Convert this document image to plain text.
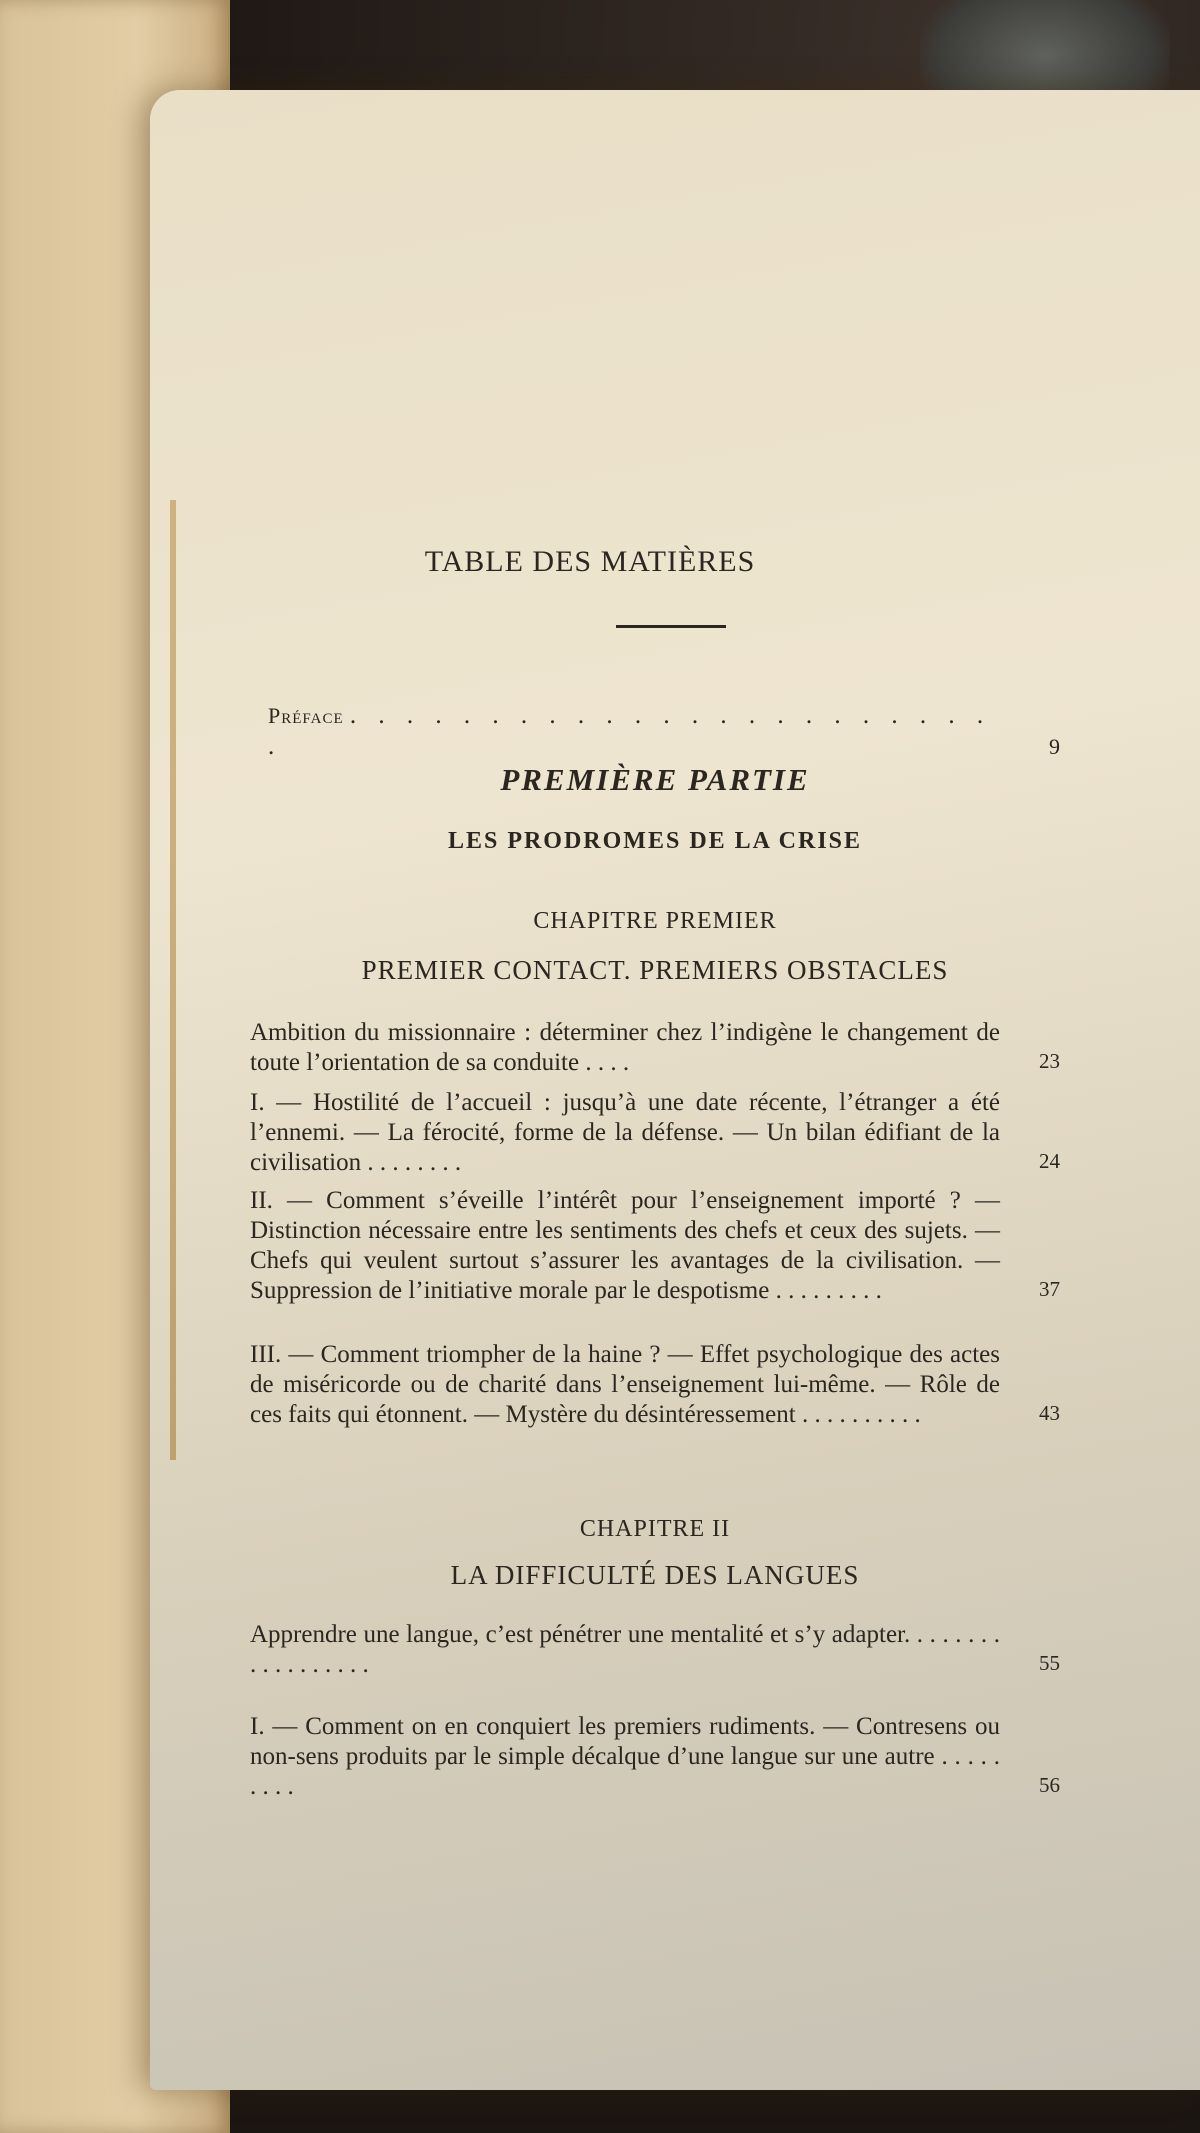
TABLE DES MATIÈRES
Préface . . . . . . . . . . . . . . . . . . . . . . . .	9
PREMIÈRE PARTIE
LES PRODROMES DE LA CRISE
CHAPITRE PREMIER
PREMIER CONTACT. PREMIERS OBSTACLES
Ambition du missionnaire : déterminer chez l’indigène le changement de toute l’orientation de sa conduite . . . .	23
I. — Hostilité de l’accueil : jusqu’à une date récente, l’étranger a été l’ennemi. — La férocité, forme de la défense. — Un bilan édifiant de la civilisation . . . . . . . .	24
II. — Comment s’éveille l’intérêt pour l’enseignement importé ? — Distinction nécessaire entre les sentiments des chefs et ceux des sujets. — Chefs qui veulent surtout s’assurer les avantages de la civilisation. — Suppression de l’initiative morale par le despotisme . . . . . . . . .	37
III. — Comment triompher de la haine ? — Effet psychologique des actes de miséricorde ou de charité dans l’enseignement lui-même. — Rôle de ces faits qui étonnent. — Mystère du désintéressement . . . . . . . . . .	43
CHAPITRE II
LA DIFFICULTÉ DES LANGUES
Apprendre une langue, c’est pénétrer une mentalité et s’y adapter. . . . . . . . . . . . . . . . . .	55
I. — Comment on en conquiert les premiers rudiments. — Contresens ou non-sens produits par le simple décalque d’une langue sur une autre . . . . . . . . .	56
